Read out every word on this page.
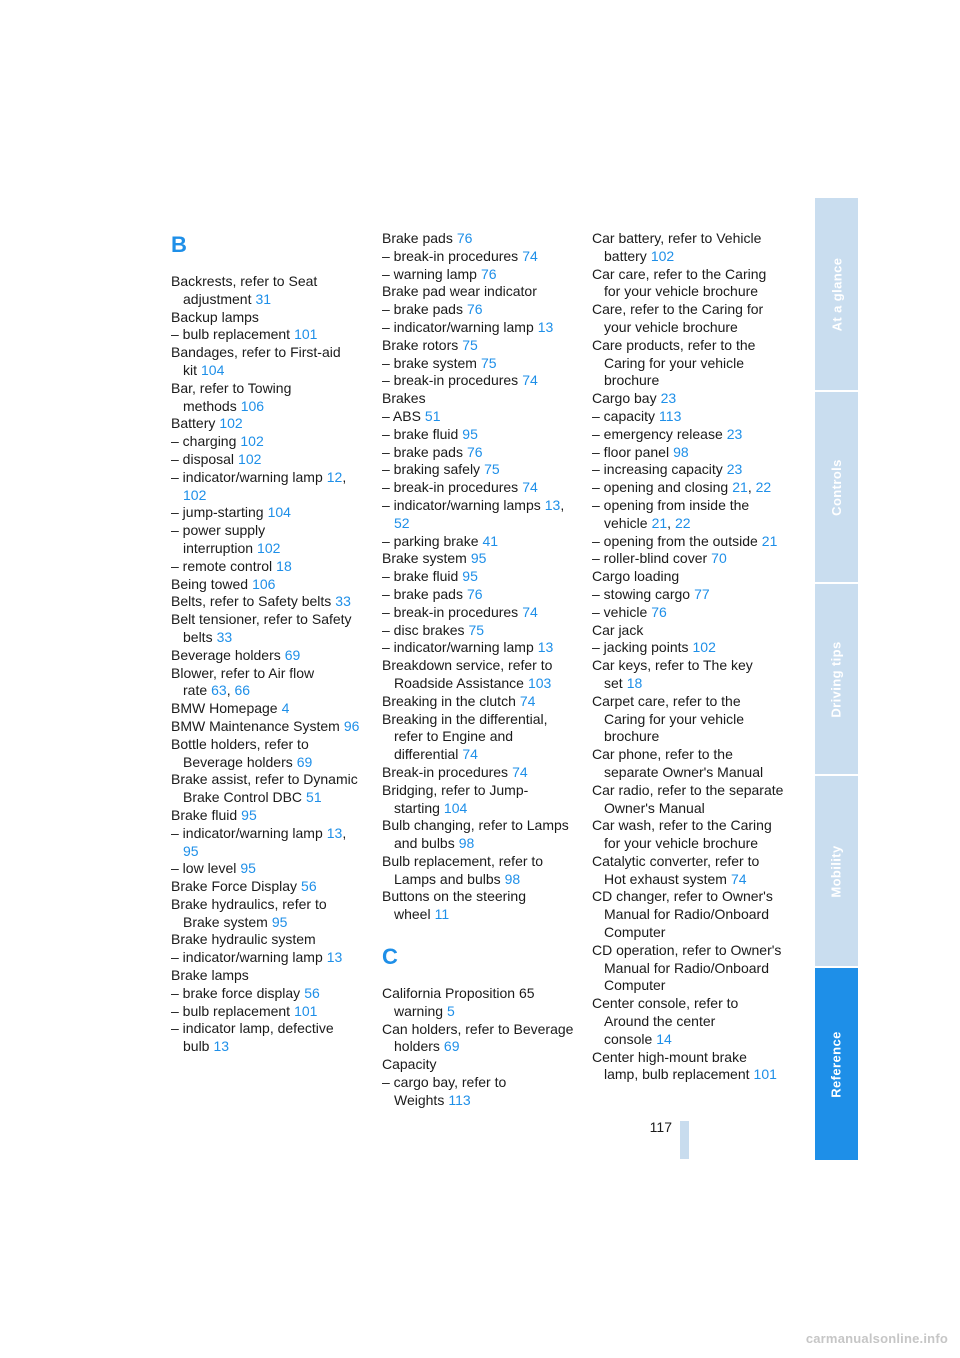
B
Backrests, refer to Seat adjustment 31
Backup lamps
– bulb replacement 101
Bandages, refer to First-aid kit 104
Bar, refer to Towing methods 106
Battery 102
– charging 102
– disposal 102
– indicator/warning lamp 12, 102
– jump-starting 104
– power supply interruption 102
– remote control 18
Being towed 106
Belts, refer to Safety belts 33
Belt tensioner, refer to Safety belts 33
Beverage holders 69
Blower, refer to Air flow rate 63, 66
BMW Homepage 4
BMW Maintenance System 96
Bottle holders, refer to Beverage holders 69
Brake assist, refer to Dynamic Brake Control DBC 51
Brake fluid 95
– indicator/warning lamp 13, 95
– low level 95
Brake Force Display 56
Brake hydraulics, refer to Brake system 95
Brake hydraulic system
– indicator/warning lamp 13
Brake lamps
– brake force display 56
– bulb replacement 101
– indicator lamp, defective bulb 13
Brake pads 76
– break-in procedures 74
– warning lamp 76
Brake pad wear indicator
– brake pads 76
– indicator/warning lamp 13
Brake rotors 75
– brake system 75
– break-in procedures 74
Brakes
– ABS 51
– brake fluid 95
– brake pads 76
– braking safely 75
– break-in procedures 74
– indicator/warning lamps 13, 52
– parking brake 41
Brake system 95
– brake fluid 95
– brake pads 76
– break-in procedures 74
– disc brakes 75
– indicator/warning lamp 13
Breakdown service, refer to Roadside Assistance 103
Breaking in the clutch 74
Breaking in the differential, refer to Engine and differential 74
Break-in procedures 74
Bridging, refer to Jump-starting 104
Bulb changing, refer to Lamps and bulbs 98
Bulb replacement, refer to Lamps and bulbs 98
Buttons on the steering wheel 11
C
California Proposition 65 warning 5
Can holders, refer to Beverage holders 69
Capacity
– cargo bay, refer to Weights 113
Car battery, refer to Vehicle battery 102
Car care, refer to the Caring for your vehicle brochure
Care, refer to the Caring for your vehicle brochure
Care products, refer to the Caring for your vehicle brochure
Cargo bay 23
– capacity 113
– emergency release 23
– floor panel 98
– increasing capacity 23
– opening and closing 21, 22
– opening from inside the vehicle 21, 22
– opening from the outside 21
– roller-blind cover 70
Cargo loading
– stowing cargo 77
– vehicle 76
Car jack
– jacking points 102
Car keys, refer to The key set 18
Carpet care, refer to the Caring for your vehicle brochure
Car phone, refer to the separate Owner's Manual
Car radio, refer to the separate Owner's Manual
Car wash, refer to the Caring for your vehicle brochure
Catalytic converter, refer to Hot exhaust system 74
CD changer, refer to Owner's Manual for Radio/Onboard Computer
CD operation, refer to Owner's Manual for Radio/Onboard Computer
Center console, refer to Around the center console 14
Center high-mount brake lamp, bulb replacement 101
117
At a glance
Controls
Driving tips
Mobility
Reference
carmanualsonline.info
